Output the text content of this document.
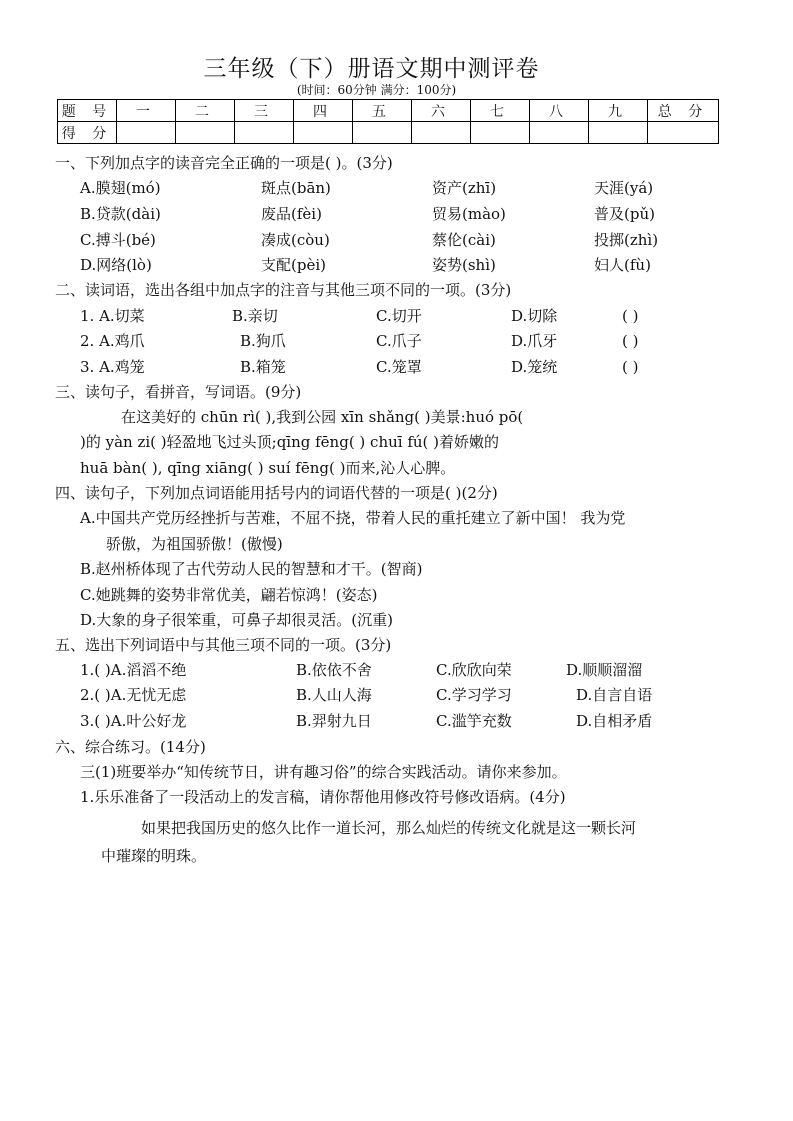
三年级（下）册语文期中测评卷
(时间：60分钟 满分：100分)
题 号	一	二	三	四	五	六	七	八	九	总 分
得 分										
一、下列加点字的读音完全正确的一项是( )。(3分)
A.膜翅(mó)	斑点(bān)	资产(zhī)	天涯(yá)
B.贷款(dài)	废品(fèi)	贸易(mào)	普及(pǔ)
C.搏斗(bé)	凑成(còu)	蔡伦(cài)	投掷(zhì)
D.网络(lò)	支配(pèi)	姿势(shì)	妇人(fù)
二、读词语，选出各组中加点字的注音与其他三项不同的一项。(3分)
1. A.切菜	B.亲切	C.切开	D.切除	( )
2. A.鸡爪	B.狗爪	C.爪子	D.爪牙	( )
3. A.鸡笼	B.箱笼	C.笼罩	D.笼统	( )
三、读句子，看拼音，写词语。(9分)
在这美好的 chūn rì( ),我到公园 xīn shǎng( )美景:huó pō(
)的 yàn zi( )轻盈地飞过头顶;qīng fēng( ) chuī fú( )着娇嫩的
huā bàn( ), qīng xiāng( ) suí fēng( )而来,沁人心脾。
四、读句子，下列加点词语能用括号内的词语代替的一项是( )(2分)
A.中国共产党历经挫折与苦难，不屈不挠，带着人民的重托建立了新中国！ 我为党
骄傲，为祖国骄傲！(傲慢)
B.赵州桥体现了古代劳动人民的智慧和才干。(智商)
C.她跳舞的姿势非常优美，翩若惊鸿！(姿态)
D.大象的身子很笨重，可鼻子却很灵活。(沉重)
五、选出下列词语中与其他三项不同的一项。(3分)
1.( )A.滔滔不绝	B.依依不舍	C.欣欣向荣	D.顺顺溜溜
2.( )A.无忧无虑	B.人山人海	C.学习学习	D.自言自语
3.( )A.叶公好龙	B.羿射九日	C.滥竽充数	D.自相矛盾
六、综合练习。(14分)
三(1)班要举办“知传统节日，讲有趣习俗”的综合实践活动。请你来参加。
1.乐乐准备了一段活动上的发言稿，请你帮他用修改符号修改语病。(4分)
如果把我国历史的悠久比作一道长河，那么灿烂的传统文化就是这一颗长河
中璀璨的明珠。
